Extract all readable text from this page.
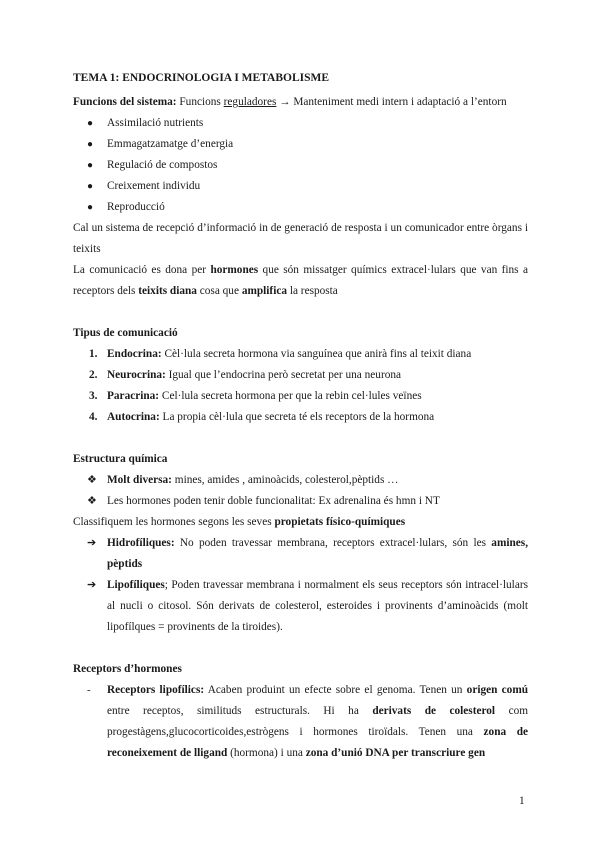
TEMA 1: ENDOCRINOLOGIA I METABOLISME
Funcions del sistema: Funcions reguladores → Manteniment medi intern i adaptació a l’entorn
● Assimilació nutrients
● Emmagatzamatge d’energia
● Regulació de compostos
● Creixement individu
● Reproducció
Cal un sistema de recepció d’informació in de generació de resposta i un comunicador entre òrgans i teixits
La comunicació es dona per hormones que són missatger químics extracel·lulars que van fins a receptors dels teixits diana cosa que amplifica la resposta
Tipus de comunicació
1. Endocrina: Cèl·lula secreta hormona via sanguínea que anirà fins al teixit diana
2. Neurocrina: Igual que l’endocrina però secretat per una neurona
3. Paracrina: Cel·lula secreta hormona per que la rebin cel·lules veïnes
4. Autocrina: La propia cèl·lula que secreta té els receptors de la hormona
Estructura química
❖ Molt diversa: mines, amides , aminoàcids, colesterol,pèptids …
❖ Les hormones poden tenir doble funcionalitat: Ex adrenalina és hmn i NT
Classifiquem les hormones segons les seves propietats físico-químiques
➔ Hidrofíliques: No poden travessar membrana, receptors extracel·lulars, són les amines, pèptids
➔ Lipofíliques; Poden travessar membrana i normalment els seus receptors són intracel·lulars al nucli o citosol. Són derivats de colesterol, esteroides i provinents d’aminoàcids (molt lipofílques = provinents de la tiroides).
Receptors d’hormones
- Receptors lipofílics: Acaben produint un efecte sobre el genoma. Tenen un origen comú entre receptos, similituds estructurals. Hi ha derivats de colesterol com progestàgens,glucocorticoides,estrògens i hormones tiroïdals. Tenen una zona de reconeixement de lligand (hormona) i una zona d’unió DNA per transcriure gen
1
